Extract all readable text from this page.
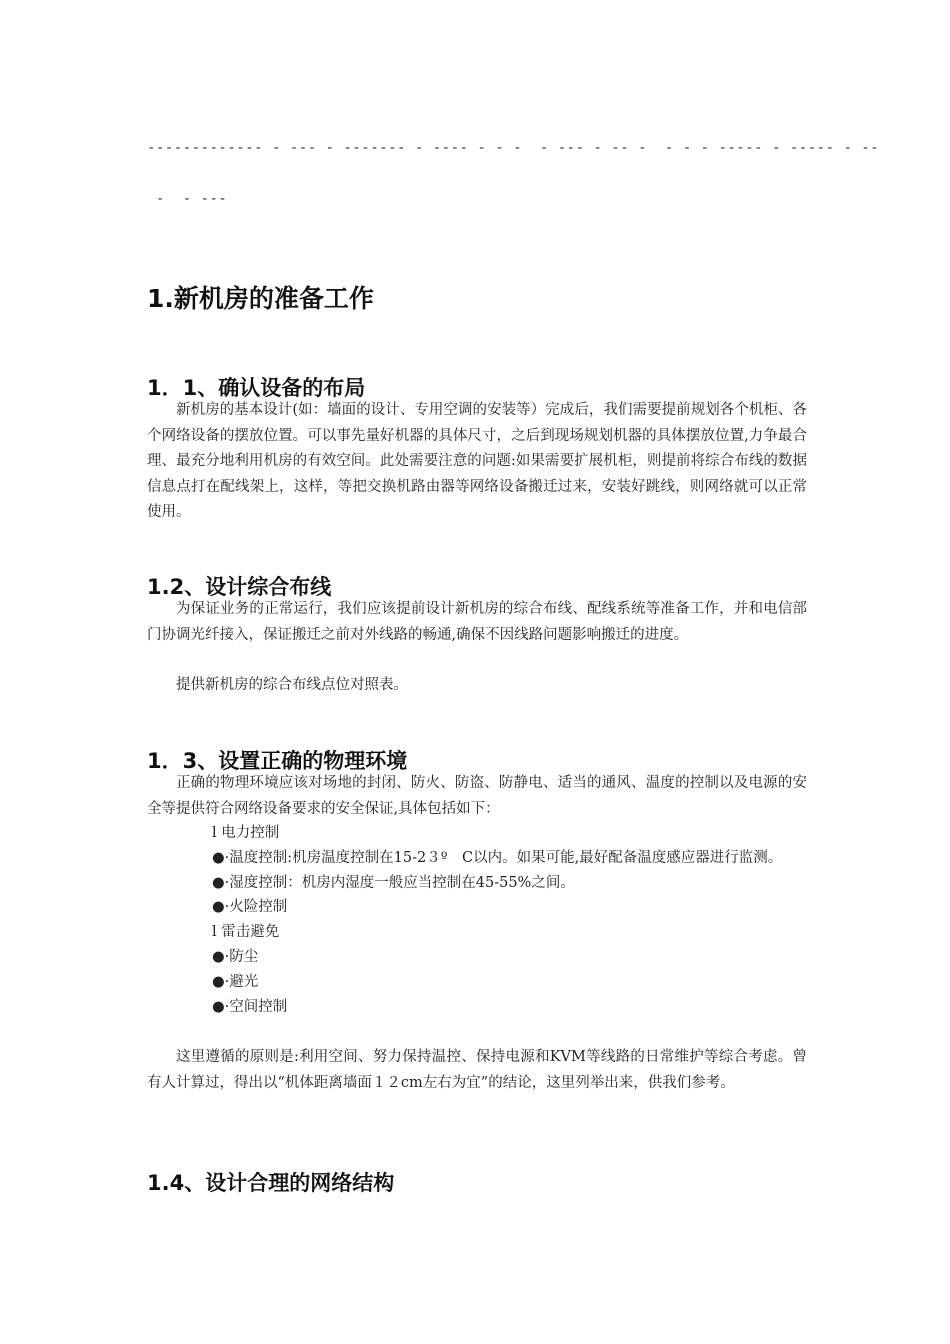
------------- - --- - ------- - ---- - - -  - --- - -- -  - - - ----- - ----- - --
-  - ---
1.新机房的准备工作
1．1、确认设备的布局
新机房的基本设计(如：墙面的设计、专用空调的安装等）完成后，我们需要提前规划各个机柜、各个网络设备的摆放位置。可以事先量好机器的具体尺寸，之后到现场规划机器的具体摆放位置,力争最合理、最充分地利用机房的有效空间。此处需要注意的问题:如果需要扩展机柜，则提前将综合布线的数据信息点打在配线架上，这样，等把交换机路由器等网络设备搬迁过来，安装好跳线，则网络就可以正常使用。
1.2、设计综合布线
为保证业务的正常运行，我们应该提前设计新机房的综合布线、配线系统等准备工作，并和电信部门协调光纤接入，保证搬迁之前对外线路的畅通,确保不因线路问题影响搬迁的进度。
提供新机房的综合布线点位对照表。
1．3、设置正确的物理环境
正确的物理环境应该对场地的封闭、防火、防盗、防静电、适当的通风、温度的控制以及电源的安全等提供符合网络设备要求的安全保证,具体包括如下：
l 电力控制
●·温度控制:机房温度控制在15-2３º　C以内。如果可能,最好配备温度感应器进行监测。
●·湿度控制：机房内湿度一般应当控制在45-55%之间。
●·火险控制
l 雷击避免
●·防尘
●·避光
●·空间控制
这里遵循的原则是:利用空间、努力保持温控、保持电源和KVM等线路的日常维护等综合考虑。曾有人计算过，得出以“机体距离墙面１２cm左右为宜”的结论，这里列举出来，供我们参考。
1.4、设计合理的网络结构
